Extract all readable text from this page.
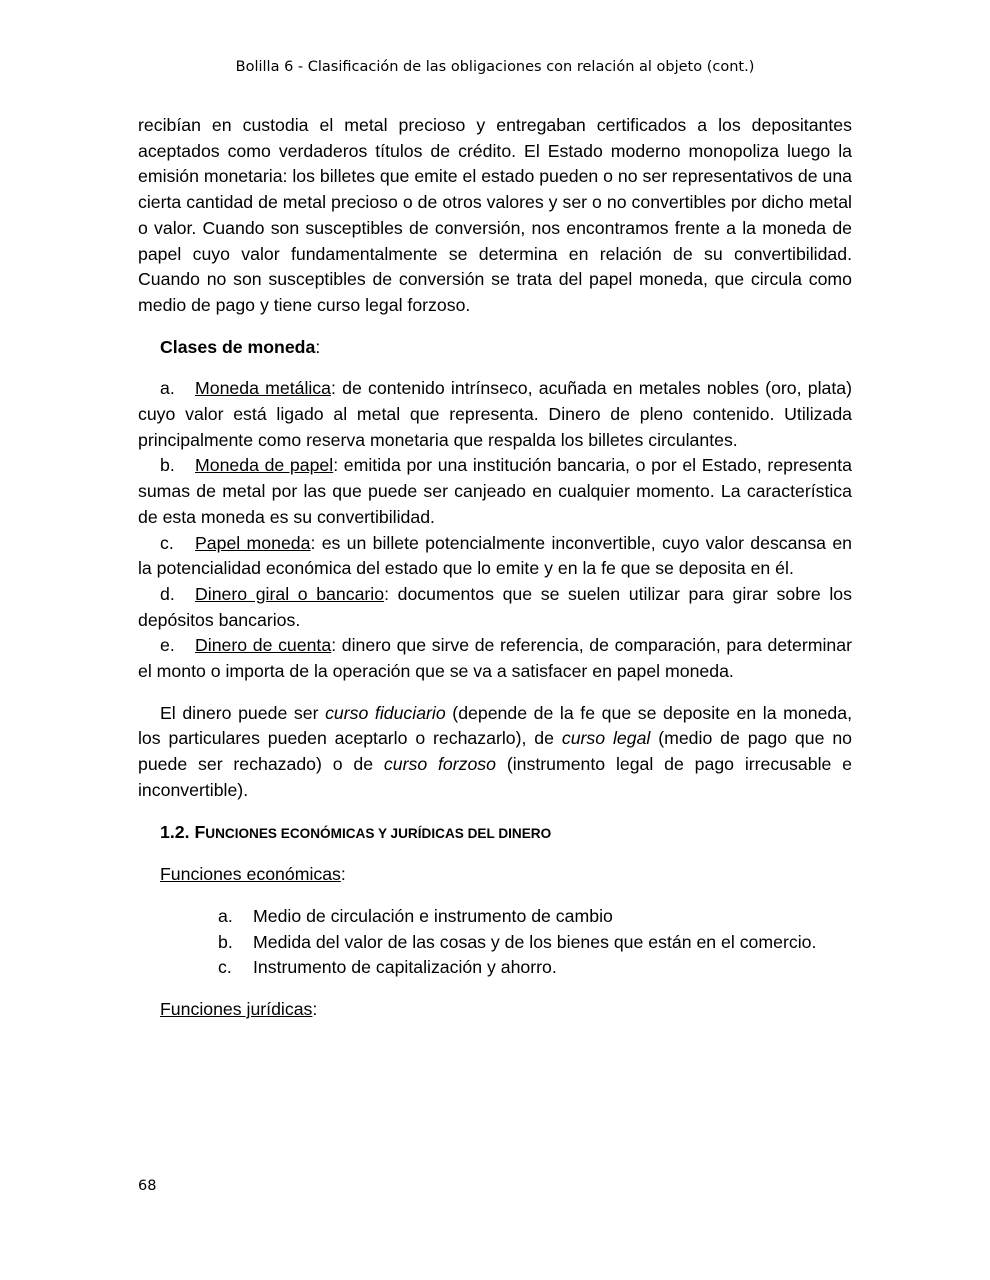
Bolilla 6 - Clasificación de las obligaciones con relación al objeto (cont.)

recibían en custodia el metal precioso y entregaban certificados a los depositantes aceptados como verdaderos títulos de crédito. El Estado moderno monopoliza luego la emisión monetaria: los billetes que emite el estado pueden o no ser representativos de una cierta cantidad de metal precioso o de otros valores y ser o no convertibles por dicho metal o valor. Cuando son susceptibles de conversión, nos encontramos frente a la moneda de papel cuyo valor fundamentalmente se determina en relación de su convertibilidad. Cuando no son susceptibles de conversión se trata del papel moneda, que circula como medio de pago y tiene curso legal forzoso.

Clases de moneda:

a. Moneda metálica: de contenido intrínseco, acuñada en metales nobles (oro, plata) cuyo valor está ligado al metal que representa. Dinero de pleno contenido. Utilizada principalmente como reserva monetaria que respalda los billetes circulantes.

b. Moneda de papel: emitida por una institución bancaria, o por el Estado, representa sumas de metal por las que puede ser canjeado en cualquier momento. La característica de esta moneda es su convertibilidad.

c. Papel moneda: es un billete potencialmente inconvertible, cuyo valor descansa en la potencialidad económica del estado que lo emite y en la fe que se deposita en él.

d. Dinero giral o bancario: documentos que se suelen utilizar para girar sobre los depósitos bancarios.

e. Dinero de cuenta: dinero que sirve de referencia, de comparación, para determinar el monto o importa de la operación que se va a satisfacer en papel moneda.

El dinero puede ser curso fiduciario (depende de la fe que se deposite en la moneda, los particulares pueden aceptarlo o rechazarlo), de curso legal (medio de pago que no puede ser rechazado) o de curso forzoso (instrumento legal de pago irrecusable e inconvertible).

1.2. FUNCIONES ECONÓMICAS Y JURÍDICAS DEL DINERO

Funciones económicas:

a. Medio de circulación e instrumento de cambio

b. Medida del valor de las cosas y de los bienes que están en el comercio.

c. Instrumento de capitalización y ahorro.

Funciones jurídicas:

68
